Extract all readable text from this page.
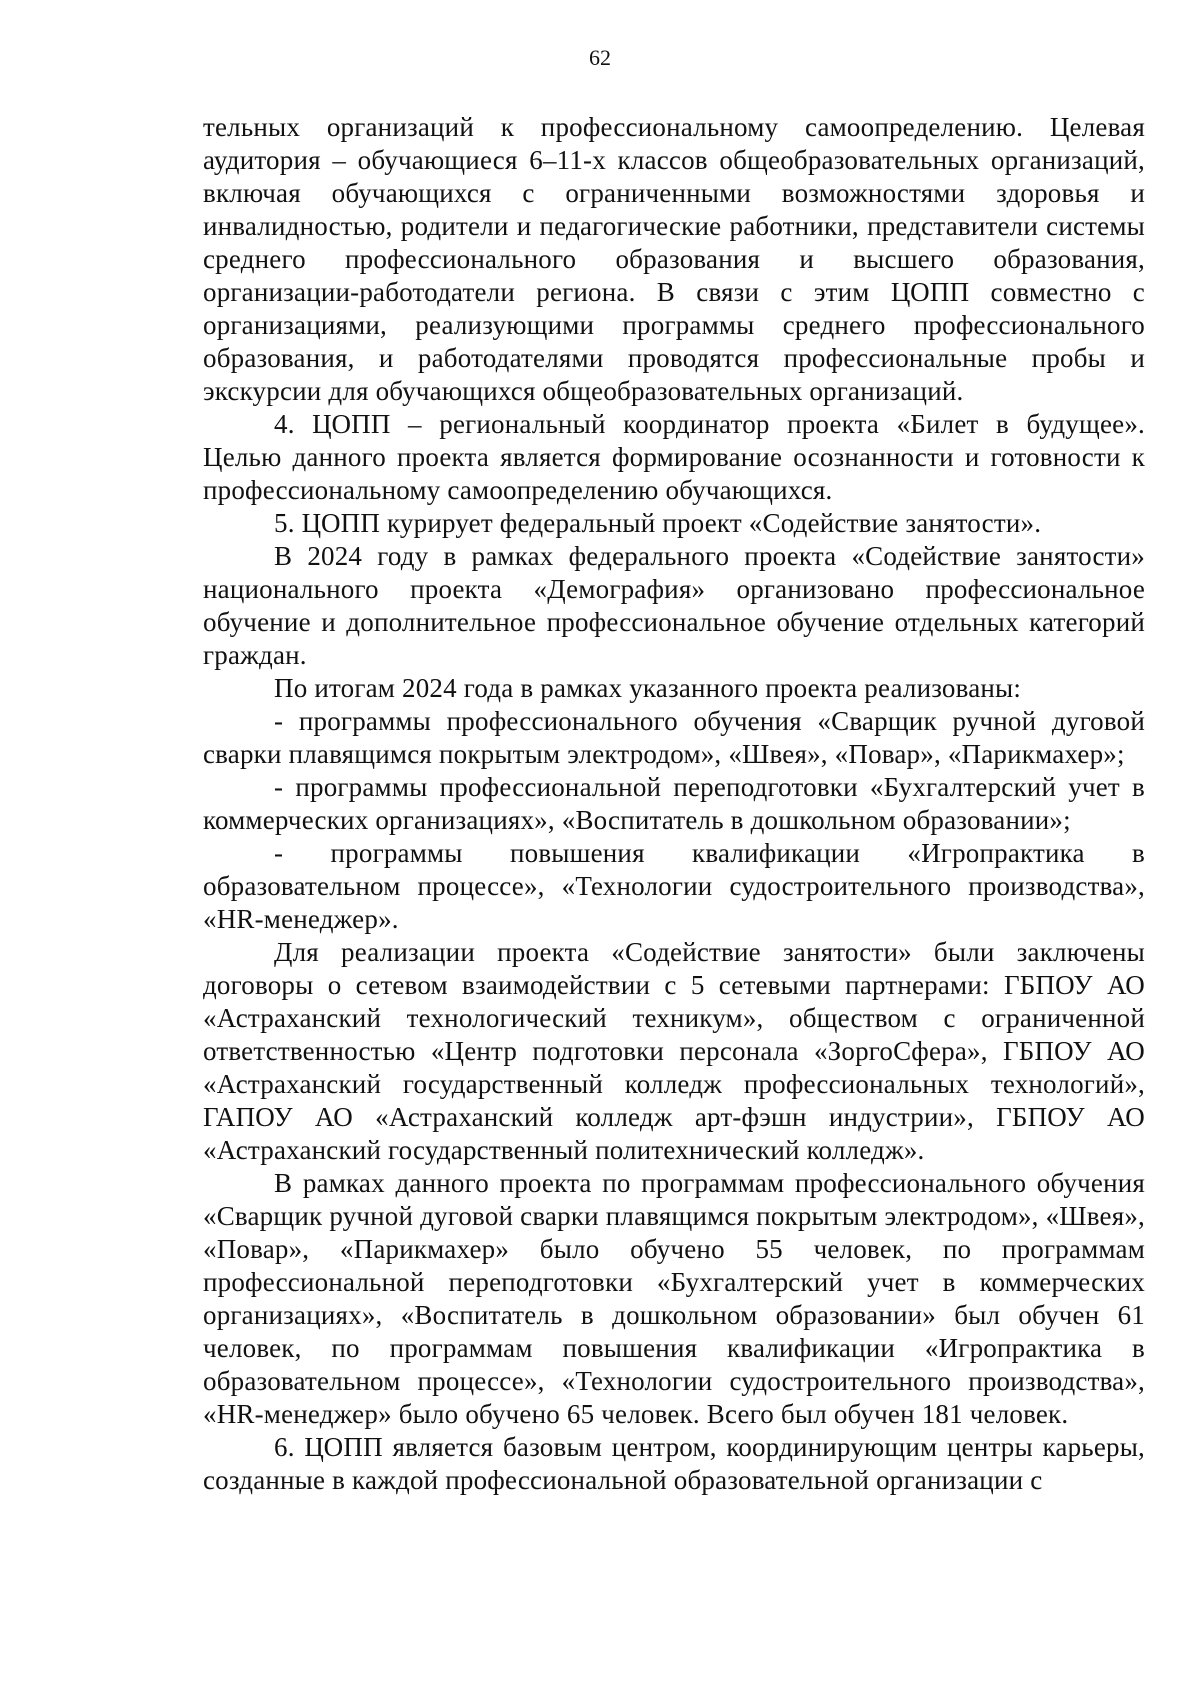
62

тельных организаций к профессиональному самоопределению. Целевая аудитория – обучающиеся 6–11-х классов общеобразовательных организаций, включая обучающихся с ограниченными возможностями здоровья и инвалидностью, родители и педагогические работники, представители системы среднего профессионального образования и высшего образования, организации-работодатели региона. В связи с этим ЦОПП совместно с организациями, реализующими программы среднего профессионального образования, и работодателями проводятся профессиональные пробы и экскурсии для обучающихся общеобразовательных организаций.

4. ЦОПП – региональный координатор проекта «Билет в будущее». Целью данного проекта является формирование осознанности и готовности к профессиональному самоопределению обучающихся.

5. ЦОПП курирует федеральный проект «Содействие занятости».

В 2024 году в рамках федерального проекта «Содействие занятости» национального проекта «Демография» организовано профессиональное обучение и дополнительное профессиональное обучение отдельных категорий граждан.

По итогам 2024 года в рамках указанного проекта реализованы:

- программы профессионального обучения «Сварщик ручной дуговой сварки плавящимся покрытым электродом», «Швея», «Повар», «Парикмахер»;

- программы профессиональной переподготовки «Бухгалтерский учет в коммерческих организациях», «Воспитатель в дошкольном образовании»;

- программы повышения квалификации «Игропрактика в образовательном процессе», «Технологии судостроительного производства», «HR-менеджер».

Для реализации проекта «Содействие занятости» были заключены договоры о сетевом взаимодействии с 5 сетевыми партнерами: ГБПОУ АО «Астраханский технологический техникум», обществом с ограниченной ответственностью «Центр подготовки персонала «ЗоргоСфера», ГБПОУ АО «Астраханский государственный колледж профессиональных технологий», ГАПОУ АО «Астраханский колледж арт-фэшн индустрии», ГБПОУ АО «Астраханский государственный политехнический колледж».

В рамках данного проекта по программам профессионального обучения «Сварщик ручной дуговой сварки плавящимся покрытым электродом», «Швея», «Повар», «Парикмахер» было обучено 55 человек, по программам профессиональной переподготовки «Бухгалтерский учет в коммерческих организациях», «Воспитатель в дошкольном образовании» был обучен 61 человек, по программам повышения квалификации «Игропрактика в образовательном процессе», «Технологии судостроительного производства», «HR-менеджер» было обучено 65 человек. Всего был обучен 181 человек.

6. ЦОПП является базовым центром, координирующим центры карьеры, созданные в каждой профессиональной образовательной организации с
